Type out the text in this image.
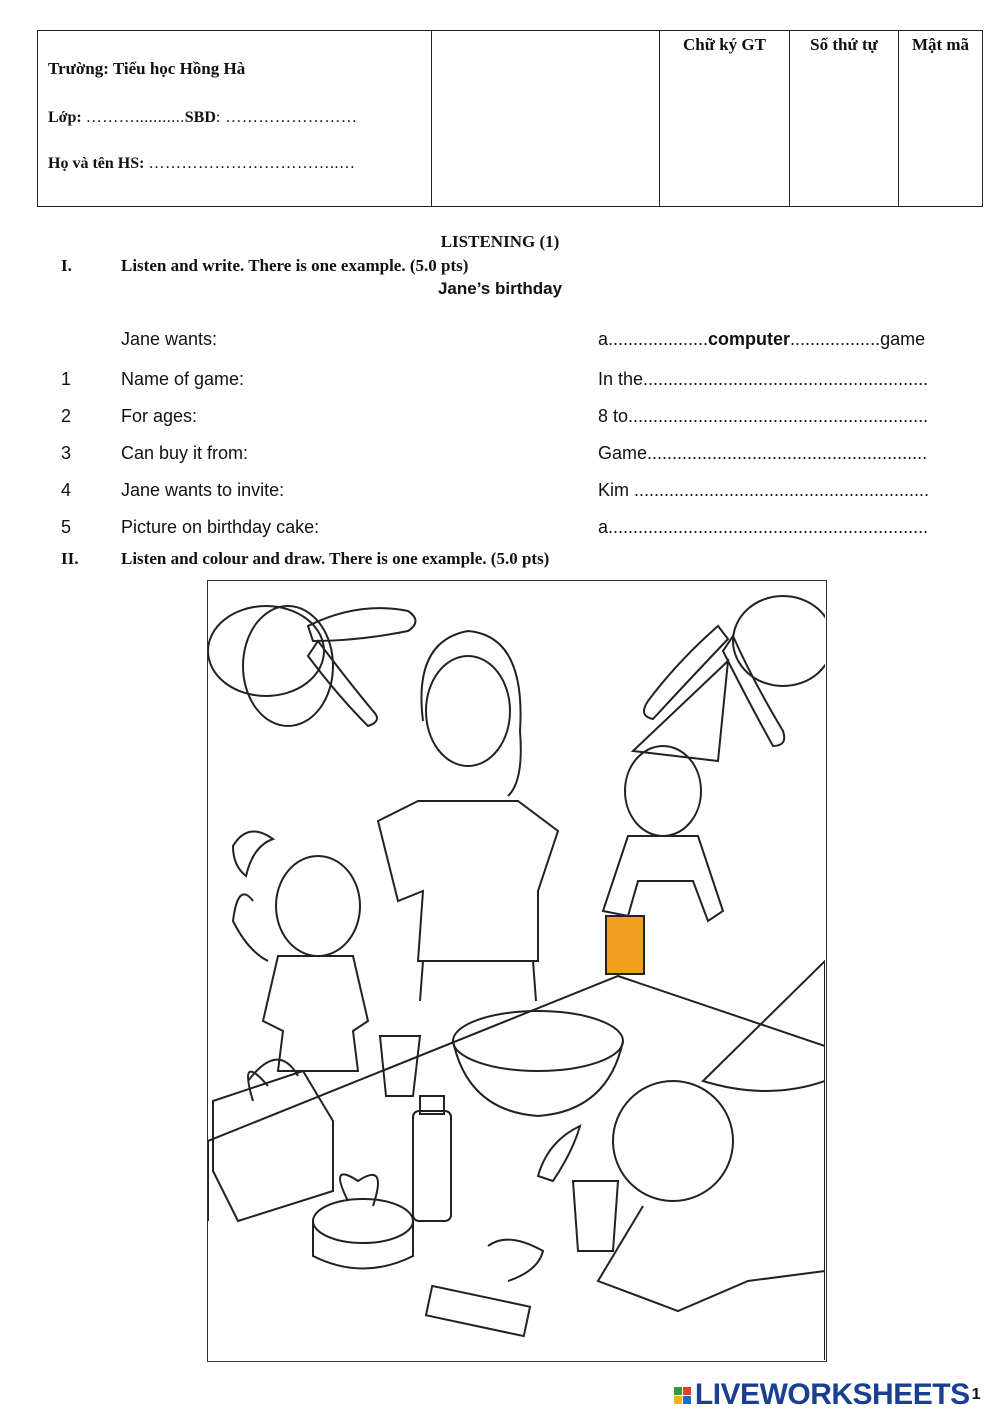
Trường: Tiểu học Hồng Hà
Lớp: ………...........SBD: ……………………
Họ và tên HS: ……………………………..…
Chữ ký GT	Số thứ tự	Mật mã
LISTENING (1)
I.	Listen and write. There is one example. (5.0 pts)
Jane’s birthday
Jane wants:	a....................computer..................game
1	Name of game:	In the.........................................................
2	For ages:	8 to............................................................
3	Can buy it from:	Game........................................................
4	Jane wants to invite:	Kim ...........................................................
5	Picture on birthday cake:	a................................................................
II.	Listen and colour and draw. There is one example. (5.0 pts)
LIVEWORKSHEETS 1
